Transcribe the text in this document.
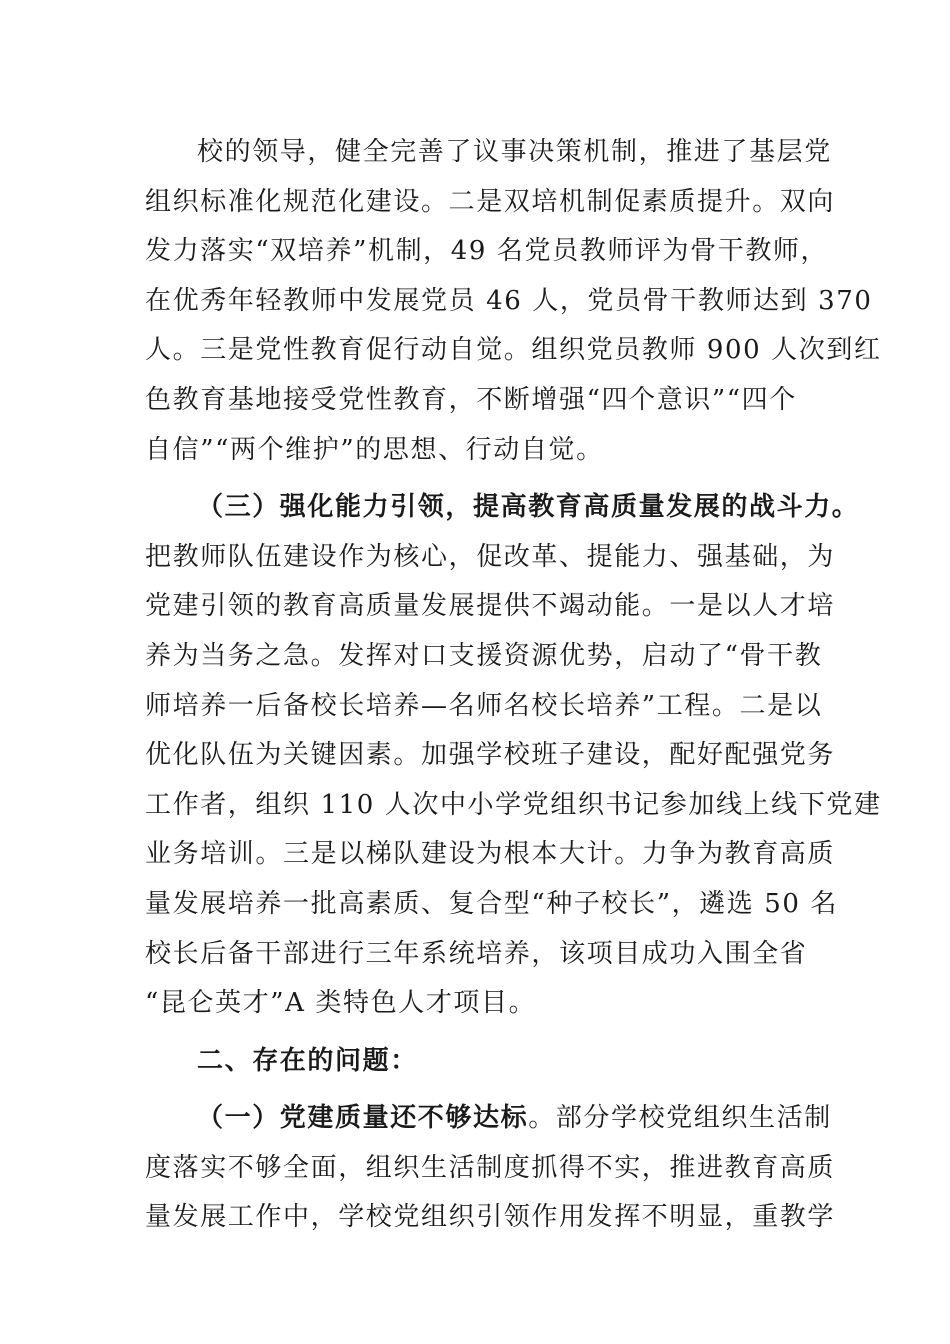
校的领导，健全完善了议事决策机制，推进了基层党
组织标准化规范化建设。二是双培机制促素质提升。双向
发力落实“双培养”机制，49 名党员教师评为骨干教师，
在优秀年轻教师中发展党员 46 人，党员骨干教师达到 370
人。三是党性教育促行动自觉。组织党员教师 900 人次到红
色教育基地接受党性教育，不断增强“四个意识”“四个
自信”“两个维护”的思想、行动自觉。
（三）强化能力引领，提高教育高质量发展的战斗力。
把教师队伍建设作为核心，促改革、提能力、强基础，为
党建引领的教育高质量发展提供不竭动能。一是以人才培
养为当务之急。发挥对口支援资源优势，启动了“骨干教
师培养一后备校长培养—名师名校长培养”工程。二是以
优化队伍为关键因素。加强学校班子建设，配好配强党务
工作者，组织 110 人次中小学党组织书记参加线上线下党建
业务培训。三是以梯队建设为根本大计。力争为教育高质
量发展培养一批高素质、复合型“种子校长”，遴选 50 名
校长后备干部进行三年系统培养，该项目成功入围全省
“昆仑英才”A 类特色人才项目。
二、存在的问题：
（一）党建质量还不够达标。部分学校党组织生活制
度落实不够全面，组织生活制度抓得不实，推进教育高质
量发展工作中，学校党组织引领作用发挥不明显，重教学
